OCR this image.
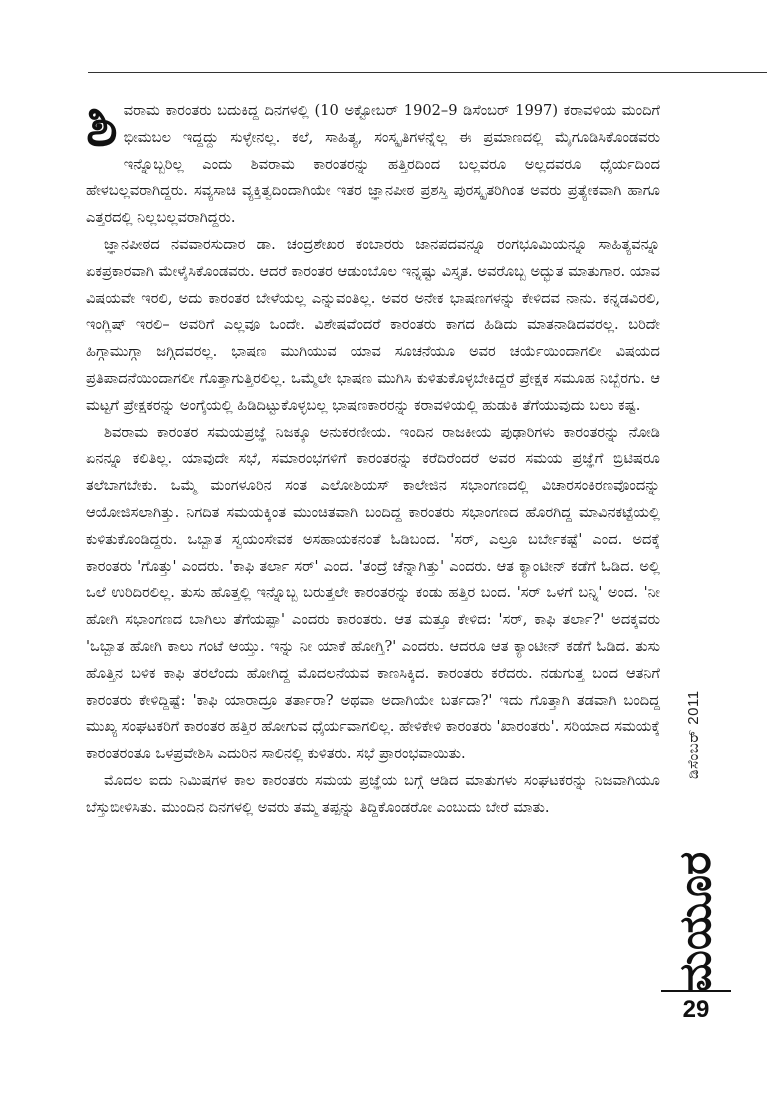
ಶಿವರಾಮ ಕಾರಂತರು ಬದುಕಿದ್ದ ದಿನಗಳಲ್ಲಿ (10 ಅಕ್ಟೋಬರ್ 1902–9 ಡಿಸೆಂಬರ್ 1997) ಕರಾವಳಿಯ ಮಂದಿಗೆ ಭೀಮಬಲ ಇದ್ದದ್ದು ಸುಳ್ಳೇನಲ್ಲ. ಕಲೆ, ಸಾಹಿತ್ಯ, ಸಂಸ್ಕೃತಿಗಳನ್ನೆಲ್ಲ ಈ ಪ್ರಮಾಣದಲ್ಲಿ ಮೈಗೂಡಿಸಿಕೊಂಡವರು ಇನ್ನೊಬ್ಬರಿಲ್ಲ ಎಂದು ಶಿವರಾಮ ಕಾರಂತರನ್ನು ಹತ್ತಿರದಿಂದ ಬಲ್ಲವರೂ ಅಲ್ಲದವರೂ ಧೈರ್ಯದಿಂದ ಹೇಳಬಲ್ಲವರಾಗಿದ್ದರು. ಸವ್ಯಸಾಚಿ ವ್ಯಕ್ತಿತ್ವದಿಂದಾಗಿಯೇ ಇತರ ಜ್ಞಾನಪೀಠ ಪ್ರಶಸ್ತಿ ಪುರಸ್ಕೃತರಿಗಿಂತ ಅವರು ಪ್ರತ್ಯೇಕವಾಗಿ ಹಾಗೂ ಎತ್ತರದಲ್ಲಿ ನಿಲ್ಲಬಲ್ಲವರಾಗಿದ್ದರು.

ಜ್ಞಾನಪೀಠದ ನವವಾರಸುದಾರ ಡಾ. ಚಂದ್ರಶೇಖರ ಕಂಬಾರರು ಜಾನಪದವನ್ನೂ ರಂಗಭೂಮಿಯನ್ನೂ ಸಾಹಿತ್ಯವನ್ನೂ ಏಕಪ್ರಕಾರವಾಗಿ ಮೇಳೈಸಿಕೊಂಡವರು. ಆದರೆ ಕಾರಂತರ ಆಡುಂಬೊಲ ಇನ್ನಷ್ಟು ವಿಸ್ತೃತ. ಅವರೊಬ್ಬ ಅದ್ಭುತ ಮಾತುಗಾರ. ಯಾವ ವಿಷಯವೇ ಇರಲಿ, ಅದು ಕಾರಂತರ ಬೇಳೆಯಲ್ಲ ಎನ್ನುವಂತಿಲ್ಲ. ಅವರ ಅನೇಕ ಭಾಷಣಗಳನ್ನು ಕೇಳಿದವ ನಾನು. ಕನ್ನಡವಿರಲಿ, ಇಂಗ್ಲಿಷ್ ಇರಲಿ– ಅವರಿಗೆ ಎಲ್ಲವೂ ಒಂದೇ. ವಿಶೇಷವೆಂದರೆ ಕಾರಂತರು ಕಾಗದ ಹಿಡಿದು ಮಾತನಾಡಿದವರಲ್ಲ. ಬರಿದೇ ಹಿಗ್ಗಾಮುಗ್ಗಾ ಜಗ್ಗಿದವರಲ್ಲ. ಭಾಷಣ ಮುಗಿಯುವ ಯಾವ ಸೂಚನೆಯೂ ಅವರ ಚರ್ಯೆಯಿಂದಾಗಲೀ ವಿಷಯದ ಪ್ರತಿಪಾದನೆಯಿಂದಾಗಲೀ ಗೊತ್ತಾಗುತ್ತಿರಲಿಲ್ಲ. ಒಮ್ಮೆಲೇ ಭಾಷಣ ಮುಗಿಸಿ ಕುಳಿತುಕೊಳ್ಳಬೇಕಿದ್ದರೆ ಪ್ರೇಕ್ಷಕ ಸಮೂಹ ನಿಬ್ಬೆರಗು. ಆ ಮಟ್ಟಗೆ ಪ್ರೇಕ್ಷಕರನ್ನು ಅಂಗೈಯಲ್ಲಿ ಹಿಡಿದಿಟ್ಟುಕೊಳ್ಳಬಲ್ಲ ಭಾಷಣಕಾರರನ್ನು ಕರಾವಳಿಯಲ್ಲಿ ಹುಡುಕಿ ತೆಗೆಯುವುದು ಬಲು ಕಷ್ಟ.

ಶಿವರಾಮ ಕಾರಂತರ ಸಮಯಪ್ರಜ್ಞೆ ನಿಜಕ್ಕೂ ಅನುಕರಣೀಯ. ಇಂದಿನ ರಾಜಕೀಯ ಪುಢಾರಿಗಳು ಕಾರಂತರನ್ನು ನೋಡಿ ಏನನ್ನೂ ಕಲಿತಿಲ್ಲ. ಯಾವುದೇ ಸಭೆ, ಸಮಾರಂಭಗಳಿಗೆ ಕಾರಂತರನ್ನು ಕರೆದಿರೆಂದರೆ ಅವರ ಸಮಯ ಪ್ರಜ್ಞೆಗೆ ಬ್ರಿಟಿಷರೂ ತಲೆಬಾಗಬೇಕು. ಒಮ್ಮೆ ಮಂಗಳೂರಿನ ಸಂತ ಎಲೋಶಿಯಸ್ ಕಾಲೇಜಿನ ಸಭಾಂಗಣದಲ್ಲಿ ವಿಚಾರಸಂಕಿರಣವೊಂದನ್ನು ಆಯೋಜಿಸಲಾಗಿತ್ತು. ನಿಗದಿತ ಸಮಯಕ್ಕಿಂತ ಮುಂಚಿತವಾಗಿ ಬಂದಿದ್ದ ಕಾರಂತರು ಸಭಾಂಗಣದ ಹೊರಗಿದ್ದ ಮಾವಿನಕಟ್ಟೆಯಲ್ಲಿ ಕುಳಿತುಕೊಂಡಿದ್ದರು. ಒಬ್ಬಾತ ಸ್ವಯಂಸೇವಕ ಅಸಹಾಯಕನಂತೆ ಓಡಿಬಂದ. 'ಸರ್, ಎಲ್ರೂ ಬರ್ಬೇಕಷ್ಟೆ' ಎಂದ. ಅದಕ್ಕೆ ಕಾರಂತರು 'ಗೊತ್ತು' ಎಂದರು. 'ಕಾಫಿ ತರ್ಲಾ ಸರ್' ಎಂದ. 'ತಂದ್ರೆ ಚೆನ್ನಾಗಿತ್ತು' ಎಂದರು. ಆತ ಕ್ಯಾಂಟೀನ್ ಕಡೆಗೆ ಓಡಿದ. ಅಲ್ಲಿ ಒಲೆ ಉರಿದಿರಲಿಲ್ಲ. ತುಸು ಹೊತ್ತಲ್ಲಿ ಇನ್ನೊಬ್ಬ ಬರುತ್ತಲೇ ಕಾರಂತರನ್ನು ಕಂಡು ಹತ್ತಿರ ಬಂದ. 'ಸರ್ ಒಳಗೆ ಬನ್ನಿ' ಅಂದ. 'ನೀ ಹೋಗಿ ಸಭಾಂಗಣದ ಬಾಗಿಲು ತೆಗೆಯಪ್ಪಾ' ಎಂದರು ಕಾರಂತರು. ಆತ ಮತ್ತೂ ಕೇಳಿದ: 'ಸರ್, ಕಾಫಿ ತರ್ಲಾ?' ಅದಕ್ಕವರು 'ಒಬ್ಬಾತ ಹೋಗಿ ಕಾಲು ಗಂಟೆ ಆಯ್ತು. ಇನ್ನು ನೀ ಯಾಕೆ ಹೋಗ್ತಿ?' ಎಂದರು. ಆದರೂ ಆತ ಕ್ಯಾಂಟೀನ್ ಕಡೆಗೆ ಓಡಿದ. ತುಸು ಹೊತ್ತಿನ ಬಳಿಕ ಕಾಫಿ ತರಲೆಂದು ಹೋಗಿದ್ದ ಮೊದಲನೆಯವ ಕಾಣಸಿಕ್ಕಿದ. ಕಾರಂತರು ಕರೆದರು. ನಡುಗುತ್ತ ಬಂದ ಆತನಿಗೆ ಕಾರಂತರು ಕೇಳಿದ್ದಿಷ್ಟೆ: 'ಕಾಫಿ ಯಾರಾದ್ರೂ ತರ್ತಾರಾ? ಅಥವಾ ಅದಾಗಿಯೇ ಬರ್ತದಾ?' ಇದು ಗೊತ್ತಾಗಿ ತಡವಾಗಿ ಬಂದಿದ್ದ ಮುಖ್ಯ ಸಂಘಟಕರಿಗೆ ಕಾರಂತರ ಹತ್ತಿರ ಹೋಗುವ ಧೈರ್ಯವಾಗಲಿಲ್ಲ. ಹೇಳಿಕೇಳಿ ಕಾರಂತರು 'ಖಾರಂತರು'. ಸರಿಯಾದ ಸಮಯಕ್ಕೆ ಕಾರಂತರಂತೂ ಒಳಪ್ರವೇಶಿಸಿ ಎದುರಿನ ಸಾಲಿನಲ್ಲಿ ಕುಳಿತರು. ಸಭೆ ಪ್ರಾರಂಭವಾಯಿತು.

ಮೊದಲ ಐದು ನಿಮಿಷಗಳ ಕಾಲ ಕಾರಂತರು ಸಮಯ ಪ್ರಜ್ಞೆಯ ಬಗ್ಗೆ ಆಡಿದ ಮಾತುಗಳು ಸಂಘಟಕರನ್ನು ನಿಜವಾಗಿಯೂ ಬೆಸ್ತುಬೀಳಿಸಿತು. ಮುಂದಿನ ದಿನಗಳಲ್ಲಿ ಅವರು ತಮ್ಮ ತಪ್ಪನ್ನು ತಿದ್ದಿಕೊಂಡರೋ ಎಂಬುದು ಬೇರೆ ಮಾತು.

ಡಿಸೆಂಬರ್ 2011
ಮಯೂರ
29
